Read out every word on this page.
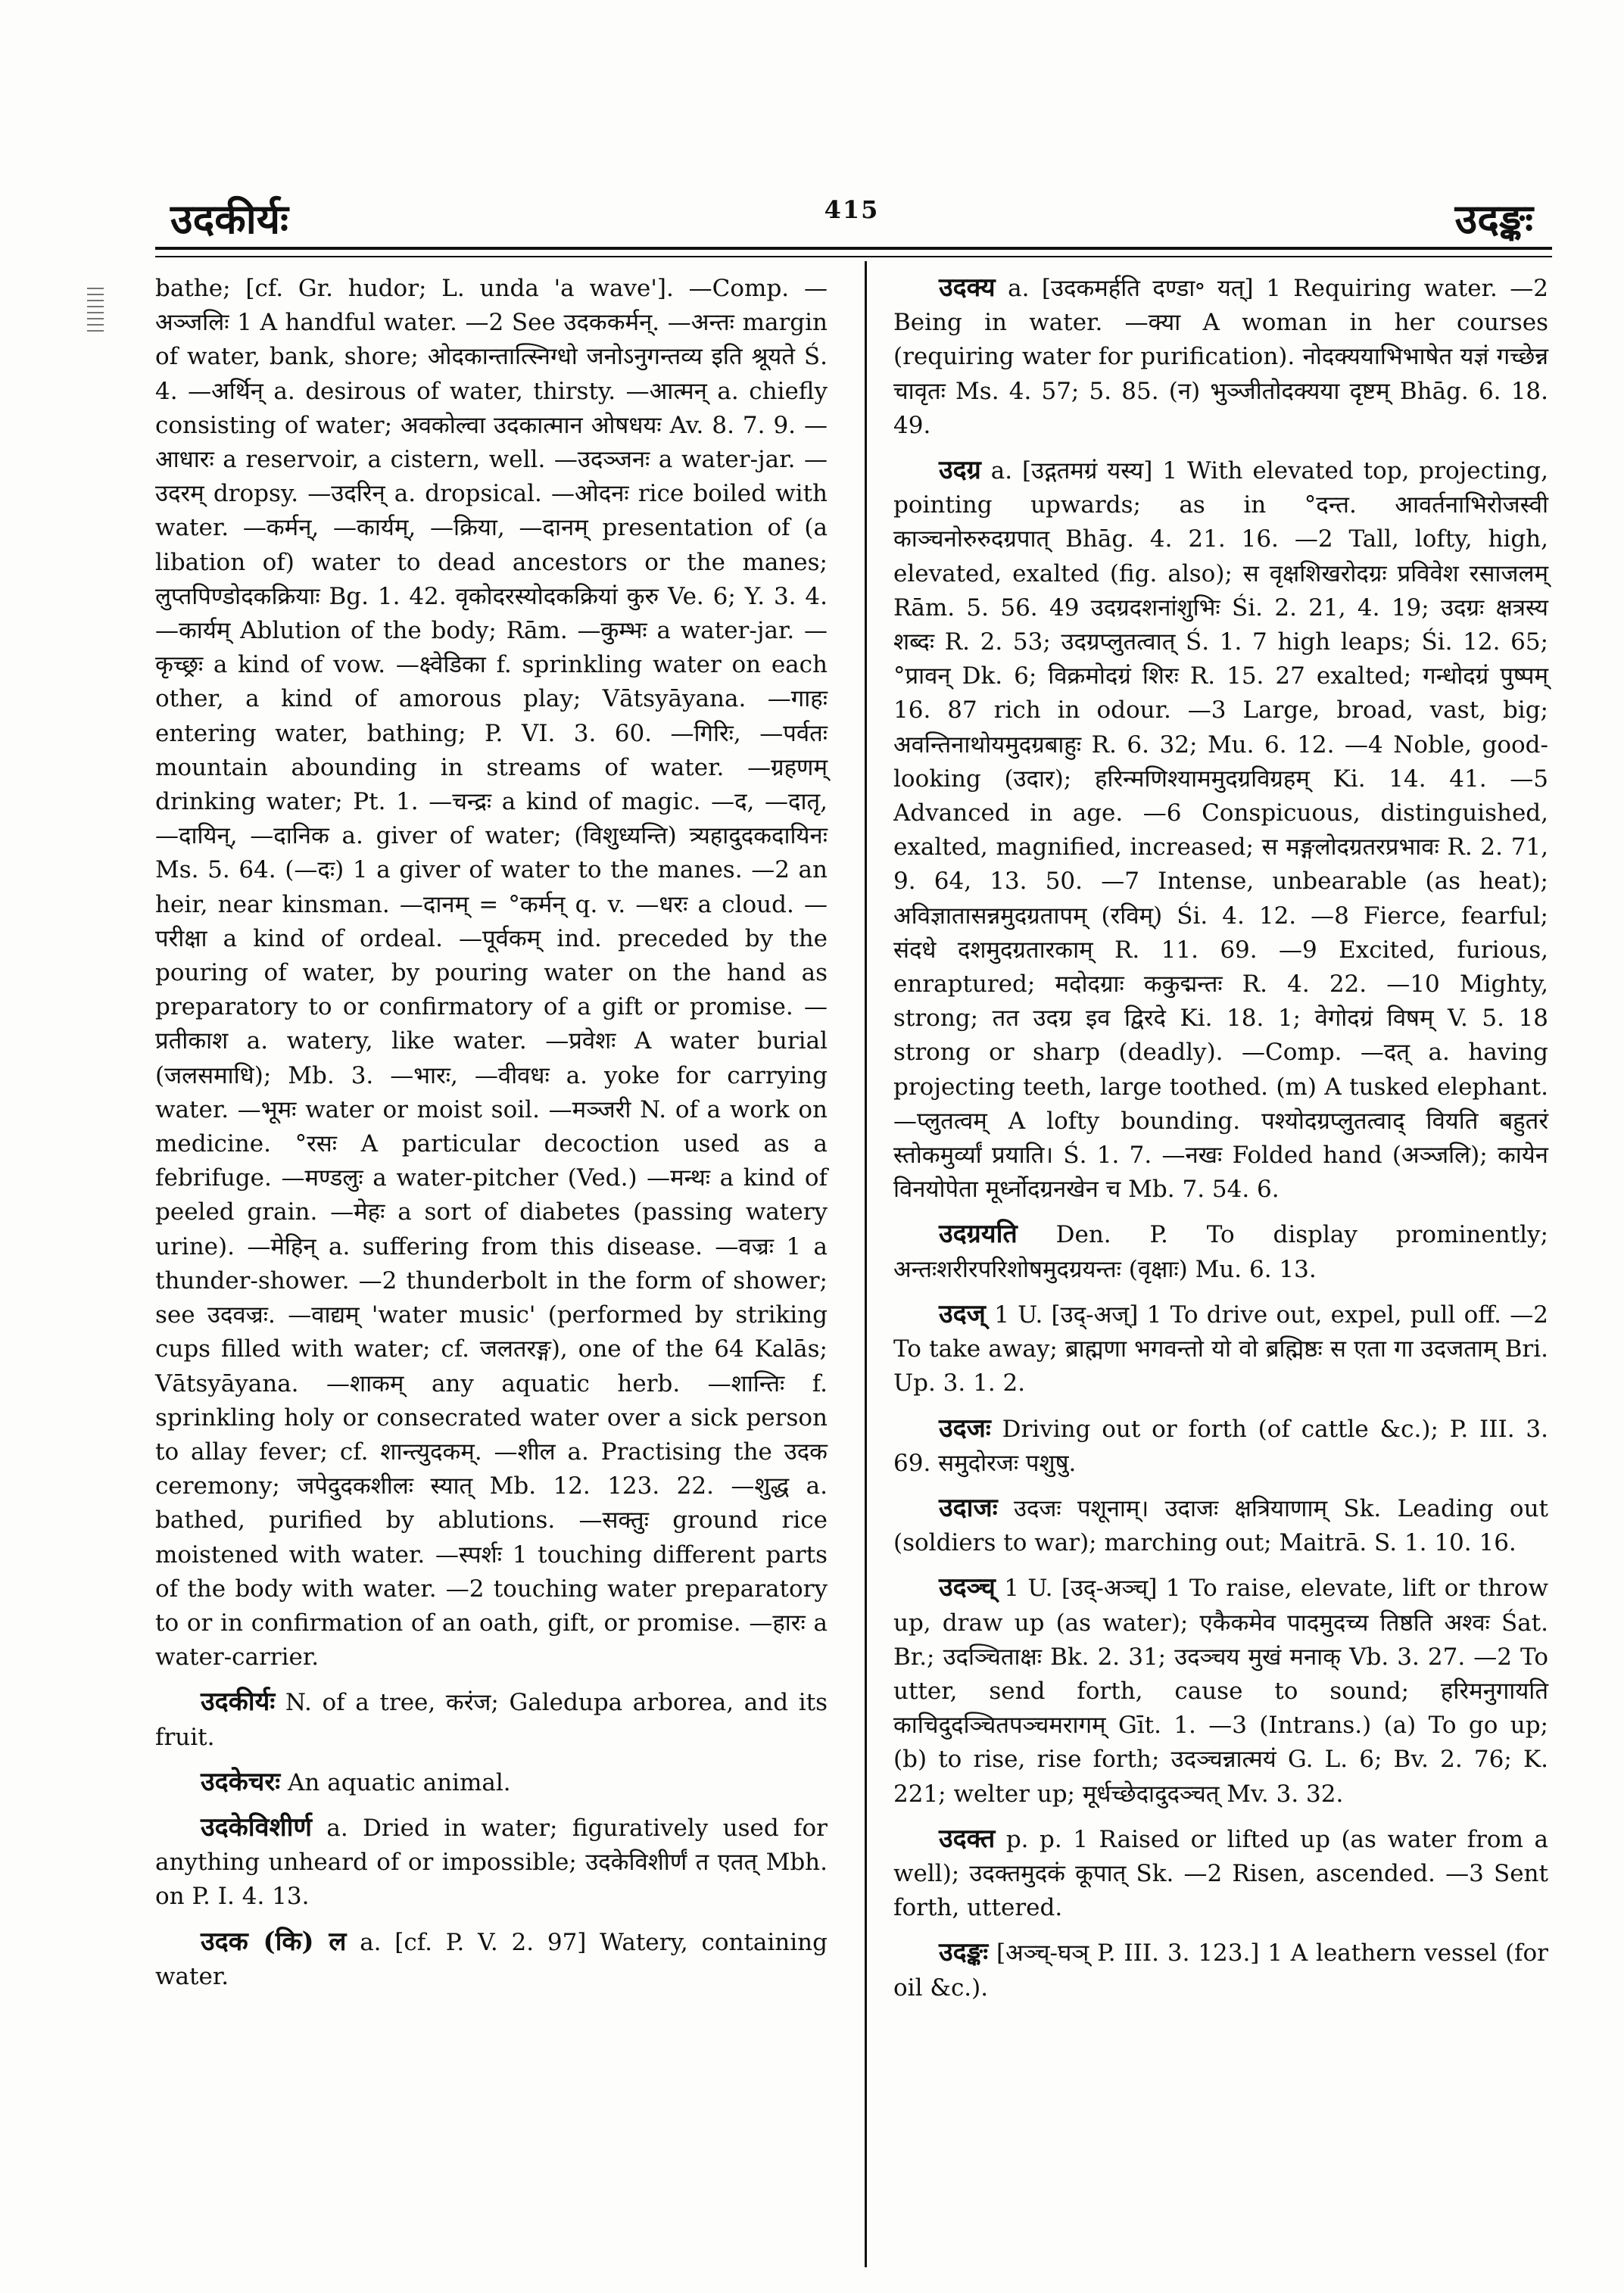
उदकीर्यः	415	उदङ्कः

bathe; [cf. Gr. hudor; L. unda 'a wave']. —Comp. —अञ्जलिः 1 A handful water. —2 See उदककर्मन्. —अन्तः margin of water, bank, shore; ओदकान्तात्स्निग्धो जनोऽनुगन्तव्य इति श्रूयते Ś. 4. —अर्थिन् a. desirous of water, thirsty. —आत्मन् a. chiefly consisting of water; अवकोल्वा उदकात्मान ओषधयः Av. 8. 7. 9. —आधारः a reservoir, a cistern, well. —उदञ्जनः a water-jar. —उदरम् dropsy. —उदरिन् a. dropsical. —ओदनः rice boiled with water. —कर्मन्, —कार्यम्, —क्रिया, —दानम् presentation of (a libation of) water to dead ancestors or the manes; लुप्तपिण्डोदकक्रियाः Bg. 1. 42. वृकोदरस्योदकक्रियां कुरु Ve. 6; Y. 3. 4. —कार्यम् Ablution of the body; Rām. —कुम्भः a water-jar. —कृच्छ्रः a kind of vow. —क्ष्वेडिका f. sprinkling water on each other, a kind of amorous play; Vātsyāyana. —गाहः entering water, bathing; P. VI. 3. 60. —गिरिः, —पर्वतः mountain abounding in streams of water. —ग्रहणम् drinking water; Pt. 1. —चन्द्रः a kind of magic. —द, —दातृ, —दायिन्, —दानिक a. giver of water; (विशुध्यन्ति) त्र्यहादुदकदायिनः Ms. 5. 64. (—दः) 1 a giver of water to the manes. —2 an heir, near kinsman. —दानम् = °कर्मन् q. v. —धरः a cloud. —परीक्षा a kind of ordeal. —पूर्वकम् ind. preceded by the pouring of water, by pouring water on the hand as preparatory to or confirmatory of a gift or promise. —प्रतीकाश a. watery, like water. —प्रवेशः A water burial (जलसमाधि); Mb. 3. —भारः, —वीवधः a. yoke for carrying water. —भूमः water or moist soil. —मञ्जरी N. of a work on medicine. °रसः A particular decoction used as a febrifuge. —मण्डलुः a water-pitcher (Ved.) —मन्थः a kind of peeled grain. —मेहः a sort of diabetes (passing watery urine). —मेहिन् a. suffering from this disease. —वज्रः 1 a thunder-shower. —2 thunderbolt in the form of shower; see उदवज्रः. —वाद्यम् 'water music' (performed by striking cups filled with water; cf. जलतरङ्ग), one of the 64 Kalās; Vātsyāyana. —शाकम् any aquatic herb. —शान्तिः f. sprinkling holy or consecrated water over a sick person to allay fever; cf. शान्त्युदकम्. —शील a. Practising the उदक ceremony; जपेदुदकशीलः स्यात् Mb. 12. 123. 22. —शुद्ध a. bathed, purified by ablutions. —सक्तुः ground rice moistened with water. —स्पर्शः 1 touching different parts of the body with water. —2 touching water preparatory to or in confirmation of an oath, gift, or promise. —हारः a water-carrier.

उदकीर्यः N. of a tree, करंज; Galedupa arborea, and its fruit.

उदकेचरः An aquatic animal.

उदकेविशीर्ण a. Dried in water; figuratively used for anything unheard of or impossible; उदकेविशीर्णं त एतत् Mbh. on P. I. 4. 13.

उदक (कि) ल a. [cf. P. V. 2. 97] Watery, containing water.

उदक्य a. [उदकमर्हति दण्डा॰ यत्] 1 Requiring water. —2 Being in water. —क्या A woman in her courses (requiring water for purification). नोदक्ययाभिभाषेत यज्ञं गच्छेन्न चावृतः Ms. 4. 57; 5. 85. (न) भुञ्जीतोदक्यया दृष्टम् Bhāg. 6. 18. 49.

उदग्र a. [उद्गतमग्रं यस्य] 1 With elevated top, projecting, pointing upwards; as in °दन्त. आवर्तनाभिरोजस्वी काञ्चनोरुरुदग्रपात् Bhāg. 4. 21. 16. —2 Tall, lofty, high, elevated, exalted (fig. also); स वृक्षशिखरोदग्रः प्रविवेश रसाजलम् Rām. 5. 56. 49 उदग्रदशनांशुभिः Śi. 2. 21, 4. 19; उदग्रः क्षत्रस्य शब्दः R. 2. 53; उदग्रप्लुतत्वात् Ś. 1. 7 high leaps; Śi. 12. 65; °प्रावन् Dk. 6; विक्रमोदग्रं शिरः R. 15. 27 exalted; गन्धोदग्रं पुष्पम् 16. 87 rich in odour. —3 Large, broad, vast, big; अवन्तिनाथोयमुदग्रबाहुः R. 6. 32; Mu. 6. 12. —4 Noble, good-looking (उदार); हरिन्मणिश्याममुदग्रविग्रहम् Ki. 14. 41. —5 Advanced in age. —6 Conspicuous, distinguished, exalted, magnified, increased; स मङ्गलोदग्रतरप्रभावः R. 2. 71, 9. 64, 13. 50. —7 Intense, unbearable (as heat); अविज्ञातासन्नमुदग्रतापम् (रविम्) Śi. 4. 12. —8 Fierce, fearful; संदधे दशमुदग्रतारकाम् R. 11. 69. —9 Excited, furious, enraptured; मदोदग्राः ककुद्मन्तः R. 4. 22. —10 Mighty, strong; तत उदग्र इव द्विरदे Ki. 18. 1; वेगोदग्रं विषम् V. 5. 18 strong or sharp (deadly). —Comp. —दत् a. having projecting teeth, large toothed. (m) A tusked elephant. —प्लुतत्वम् A lofty bounding. पश्योदग्रप्लुतत्वाद् वियति बहुतरं स्तोकमुर्व्यां प्रयाति। Ś. 1. 7. —नखः Folded hand (अञ्जलि); कायेन विनयोपेता मूर्ध्नोदग्रनखेन च Mb. 7. 54. 6.

उदग्रयति Den. P. To display prominently; अन्तःशरीरपरिशोषमुदग्रयन्तः (वृक्षाः) Mu. 6. 13.

उदज् 1 U. [उद्-अज्] 1 To drive out, expel, pull off. —2 To take away; ब्राह्मणा भगवन्तो यो वो ब्रह्मिष्ठः स एता गा उदजताम् Bri. Up. 3. 1. 2.

उदजः Driving out or forth (of cattle &c.); P. III. 3. 69. समुदोरजः पशुषु.

उदाजः उदजः पशूनाम्। उदाजः क्षत्रियाणाम् Sk. Leading out (soldiers to war); marching out; Maitrā. S. 1. 10. 16.

उदञ्च् 1 U. [उद्-अञ्च्] 1 To raise, elevate, lift or throw up, draw up (as water); एकैकमेव पादमुदच्य तिष्ठति अश्वः Śat. Br.; उदञ्चिताक्षः Bk. 2. 31; उदञ्चय मुखं मनाक् Vb. 3. 27. —2 To utter, send forth, cause to sound; हरिमनुगायति काचिदुदञ्चितपञ्चमरागम् Gīt. 1. —3 (Intrans.) (a) To go up; (b) to rise, rise forth; उदञ्चन्नात्मयं G. L. 6; Bv. 2. 76; K. 221; welter up; मूर्धच्छेदादुदञ्चत् Mv. 3. 32.

उदक्त p. p. 1 Raised or lifted up (as water from a well); उदक्तमुदकं कूपात् Sk. —2 Risen, ascended. —3 Sent forth, uttered.

उदङ्कः [अञ्च्-घञ् P. III. 3. 123.] 1 A leathern vessel (for oil &c.).
